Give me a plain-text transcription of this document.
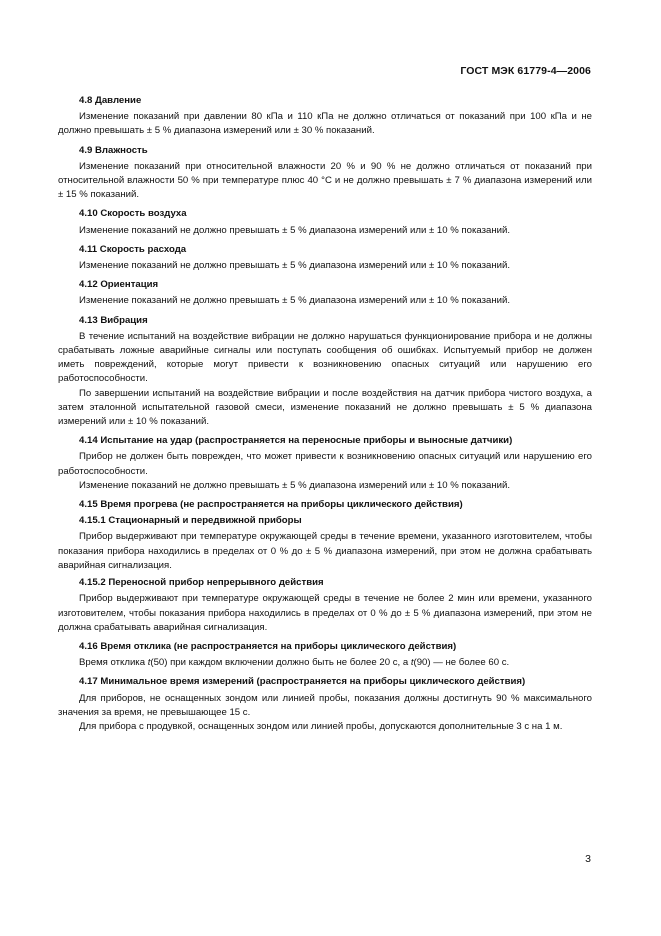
ГОСТ МЭК 61779-4—2006
4.8 Давление
Изменение показаний при давлении 80 кПа и 110 кПа не должно отличаться от показаний при 100 кПа и не должно превышать ± 5 % диапазона измерений или ± 30 % показаний.
4.9 Влажность
Изменение показаний при относительной влажности 20 % и 90 % не должно отличаться от показаний при относительной влажности 50 % при температуре плюс 40 °С и не должно превышать ± 7 % диапазона измерений или ± 15 % показаний.
4.10 Скорость воздуха
Изменение показаний не должно превышать ± 5 % диапазона измерений или ± 10 % показаний.
4.11 Скорость расхода
Изменение показаний не должно превышать ± 5 % диапазона измерений или ± 10 % показаний.
4.12 Ориентация
Изменение показаний не должно превышать ± 5 % диапазона измерений или ± 10 % показаний.
4.13 Вибрация
В течение испытаний на воздействие вибрации не должно нарушаться функционирование прибора и не должны срабатывать ложные аварийные сигналы или поступать сообщения об ошибках. Испытуемый прибор не должен иметь повреждений, которые могут привести к возникновению опасных ситуаций или нарушению его работоспособности.
По завершении испытаний на воздействие вибрации и после воздействия на датчик прибора чистого воздуха, а затем эталонной испытательной газовой смеси, изменение показаний не должно превышать ± 5 % диапазона измерений или ± 10 % показаний.
4.14 Испытание на удар (распространяется на переносные приборы и выносные датчики)
Прибор не должен быть поврежден, что может привести к возникновению опасных ситуаций или нарушению его работоспособности.
Изменение показаний не должно превышать ± 5 % диапазона измерений или ± 10 % показаний.
4.15 Время прогрева (не распространяется на приборы циклического действия)
4.15.1 Стационарный и передвижной приборы
Прибор выдерживают при температуре окружающей среды в течение времени, указанного изготовителем, чтобы показания прибора находились в пределах от 0 % до ± 5 % диапазона измерений, при этом не должна срабатывать аварийная сигнализация.
4.15.2 Переносной прибор непрерывного действия
Прибор выдерживают при температуре окружающей среды в течение не более 2 мин или времени, указанного изготовителем, чтобы показания прибора находились в пределах от 0 % до ± 5 % диапазона измерений, при этом не должна срабатывать аварийная сигнализация.
4.16 Время отклика (не распространяется на приборы циклического действия)
Время отклика t(50) при каждом включении должно быть не более 20 с, а t(90) — не более 60 с.
4.17 Минимальное время измерений (распространяется на приборы циклического действия)
Для приборов, не оснащенных зондом или линией пробы, показания должны достигнуть 90 % максимального значения за время, не превышающее 15 с.
Для прибора с продувкой, оснащенных зондом или линией пробы, допускаются дополнительные 3 с на 1 м.
3
